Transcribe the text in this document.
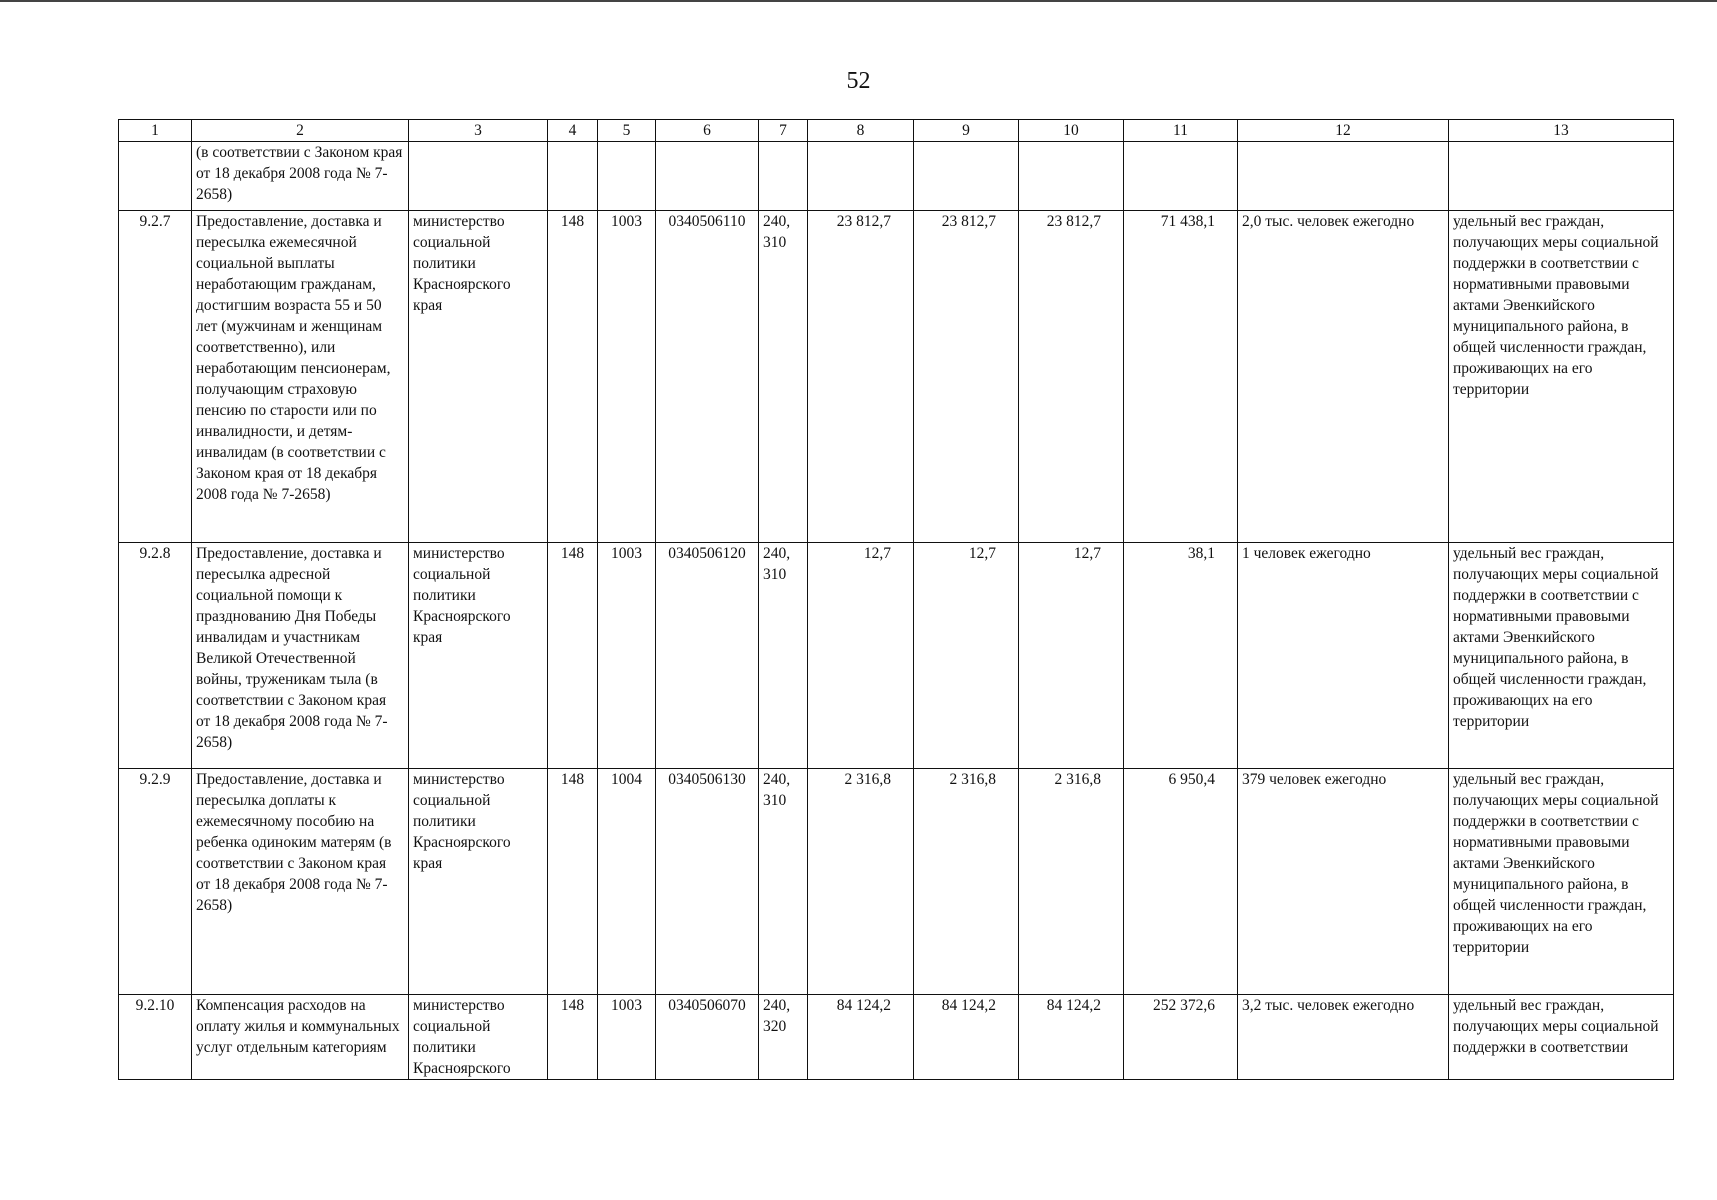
52
1	2	3	4	5	6	7	8	9	10	11	12	13
	(в соответствии с Законом края от 18 декабря 2008 года № 7-2658)											
9.2.7	Предоставление, доставка и пересылка ежемесячной социальной выплаты неработающим гражданам, достигшим возраста 55 и 50 лет (мужчинам и женщинам соответственно), или неработающим пенсионерам, получающим страховую пенсию по старости или по инвалидности, и детям- инвалидам (в соответствии с Законом края от 18 декабря 2008 года № 7-2658)	министерство социальной политики Красноярского края	148	1003	0340506110	240, 310	23 812,7	23 812,7	23 812,7	71 438,1	2,0 тыс. человек ежегодно	удельный вес граждан, получающих меры социальной поддержки в соответствии с нормативными правовыми актами Эвенкийского муниципального района, в общей численности граждан, проживающих на его территории
9.2.8	Предоставление, доставка и пересылка адресной социальной помощи к празднованию Дня Победы инвалидам и участникам Великой Отечественной войны, труженикам тыла (в соответствии с Законом края от 18 декабря 2008 года № 7-2658)	министерство социальной политики Красноярского края	148	1003	0340506120	240, 310	12,7	12,7	12,7	38,1	1 человек ежегодно	удельный вес граждан, получающих меры социальной поддержки в соответствии с нормативными правовыми актами Эвенкийского муниципального района, в общей численности граждан, проживающих на его территории
9.2.9	Предоставление, доставка и пересылка доплаты к ежемесячному пособию на ребенка одиноким матерям (в соответствии с Законом края от 18 декабря 2008 года № 7-2658)	министерство социальной политики Красноярского края	148	1004	0340506130	240, 310	2 316,8	2 316,8	2 316,8	6 950,4	379 человек ежегодно	удельный вес граждан, получающих меры социальной поддержки в соответствии с нормативными правовыми актами Эвенкийского муниципального района, в общей численности граждан, проживающих на его территории
9.2.10	Компенсация расходов на оплату жилья и коммунальных услуг отдельным категориям	министерство социальной политики Красноярского	148	1003	0340506070	240, 320	84 124,2	84 124,2	84 124,2	252 372,6	3,2 тыс. человек ежегодно	удельный вес граждан, получающих меры социальной поддержки в соответствии
